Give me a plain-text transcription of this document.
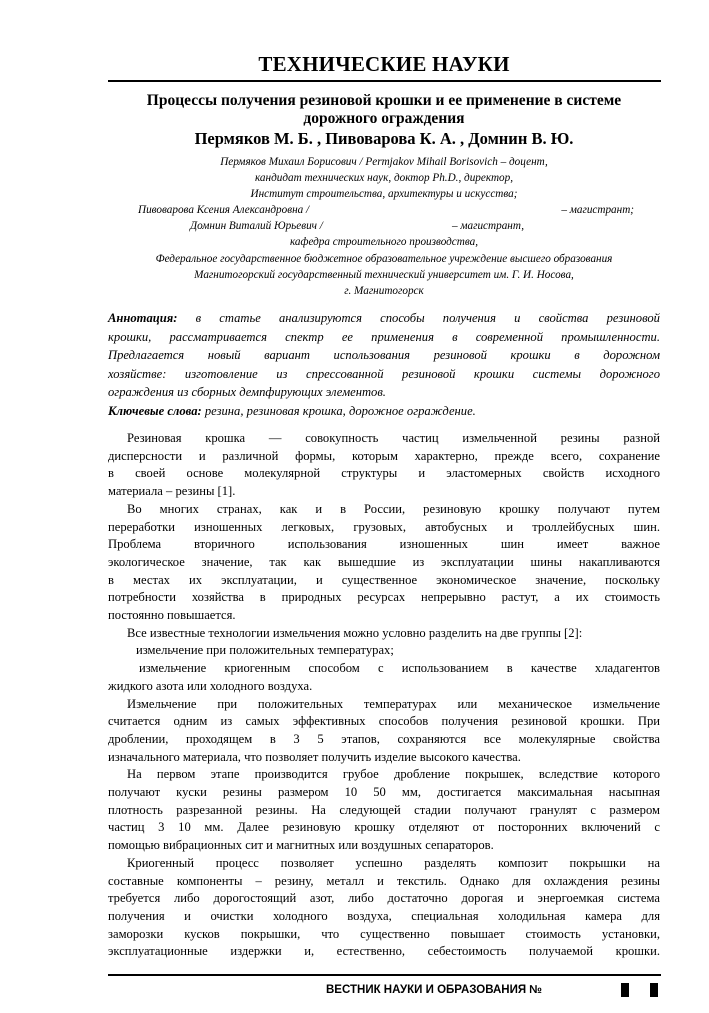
ТЕХНИЧЕСКИЕ НАУКИ
Процессы получения резиновой крошки и ее применение в системе
дорожного ограждения
Пермяков М. Б. , Пивоварова К. А. , Домнин В. Ю.
Пермяков Михаил Борисович / Permjakov Mihail Borisovich – доцент,
кандидат технических наук, доктор Ph.D., директор,
Институт строительства, архитектуры и искусства;
Пивоварова Ксения Александровна /	– магистрант;
Домнин Виталий Юрьевич /	– магистрант,
кафедра строительного производства,
Федеральное государственное бюджетное образовательное учреждение высшего образования
Магнитогорский государственный технический университет им. Г. И. Носова,
г. Магнитогорск
Аннотация: в статье анализируются способы получения и свойства резиновой
крошки, рассматривается спектр ее применения в современной промышленности.
Предлагается новый вариант использования резиновой крошки в дорожном
хозяйстве: изготовление из спрессованной резиновой крошки системы дорожного
ограждения из сборных демпфирующих элементов.
Ключевые слова: резина, резиновая крошка, дорожное ограждение.
Резиновая крошка — совокупность частиц измельченной резины разной
дисперсности и различной формы, которым характерно, прежде всего, сохранение
в своей основе молекулярной структуры и эластомерных свойств исходного
материала – резины [1].
Во многих странах, как и в России, резиновую крошку получают путем
переработки изношенных легковых, грузовых, автобусных и троллейбусных шин.
Проблема вторичного использования изношенных шин имеет важное
экологическое значение, так как вышедшие из эксплуатации шины накапливаются
в местах их эксплуатации, и существенное экономическое значение, поскольку
потребности хозяйства в природных ресурсах непрерывно растут, а их стоимость
постоянно повышается.
Все известные технологии измельчения можно условно разделить на две группы [2]:
измельчение при положительных температурах;
измельчение криогенным способом с использованием в качестве хладагентов
жидкого азота или холодного воздуха.
Измельчение при положительных температурах или механическое измельчение
считается одним из самых эффективных способов получения резиновой крошки. При
дроблении, проходящем в 3 5 этапов, сохраняются все молекулярные свойства
изначального материала, что позволяет получить изделие высокого качества.
На первом этапе производится грубое дробление покрышек, вследствие которого
получают куски резины размером 10 50 мм, достигается максимальная насыпная
плотность разрезанной резины. На следующей стадии получают гранулят с размером
частиц 3 10 мм. Далее резиновую крошку отделяют от посторонних включений с
помощью вибрационных сит и магнитных или воздушных сепараторов.
Криогенный процесс позволяет успешно разделять композит покрышки на
составные компоненты – резину, металл и текстиль. Однако для охлаждения резины
требуется либо дорогостоящий азот, либо достаточно дорогая и энергоемкая система
получения и очистки холодного воздуха, специальная холодильная камера для
заморозки кусков покрышки, что существенно повышает стоимость установки,
эксплуатационные издержки и, естественно, себестоимость получаемой крошки.
ВЕСТНИК НАУКИ И ОБРАЗОВАНИЯ №
